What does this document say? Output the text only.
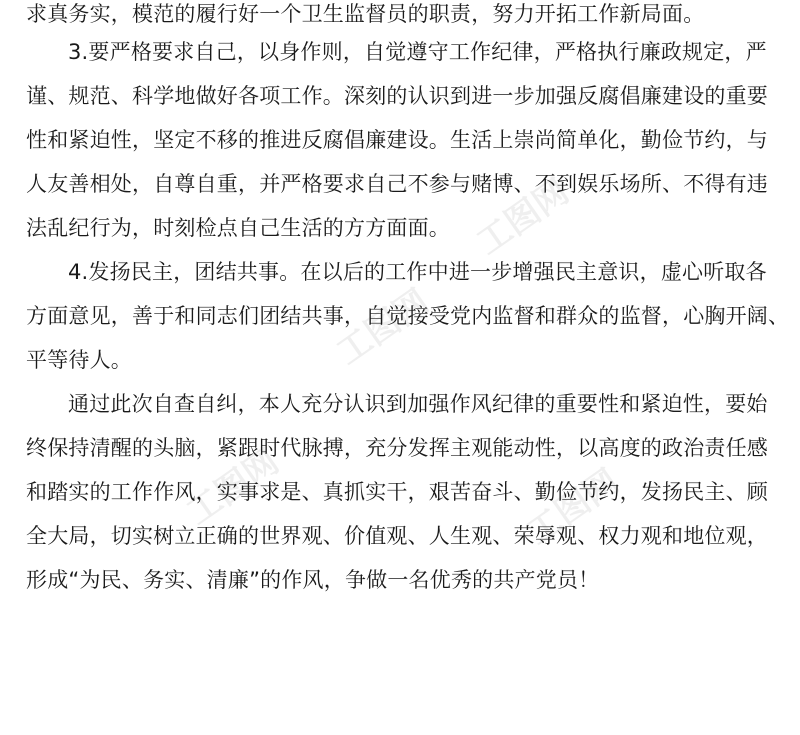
工图网
工图网
工图网	工图网
求真务实，模范的履行好一个卫生监督员的职责，努力开拓工作新局面。
3.要严格要求自己，以身作则，自觉遵守工作纪律，严格执行廉政规定，严
谨、规范、科学地做好各项工作。深刻的认识到进一步加强反腐倡廉建设的重要
性和紧迫性，坚定不移的推进反腐倡廉建设。生活上崇尚简单化，勤俭节约，与
人友善相处，自尊自重，并严格要求自己不参与赌博、不到娱乐场所、不得有违
法乱纪行为，时刻检点自己生活的方方面面。
4.发扬民主，团结共事。在以后的工作中进一步增强民主意识，虚心听取各
方面意见，善于和同志们团结共事，自觉接受党内监督和群众的监督，心胸开阔、
平等待人。
通过此次自查自纠，本人充分认识到加强作风纪律的重要性和紧迫性，要始
终保持清醒的头脑，紧跟时代脉搏，充分发挥主观能动性，以高度的政治责任感
和踏实的工作作风，实事求是、真抓实干，艰苦奋斗、勤俭节约，发扬民主、顾
全大局，切实树立正确的世界观、价值观、人生观、荣辱观、权力观和地位观，
形成“为民、务实、清廉”的作风，争做一名优秀的共产党员！
